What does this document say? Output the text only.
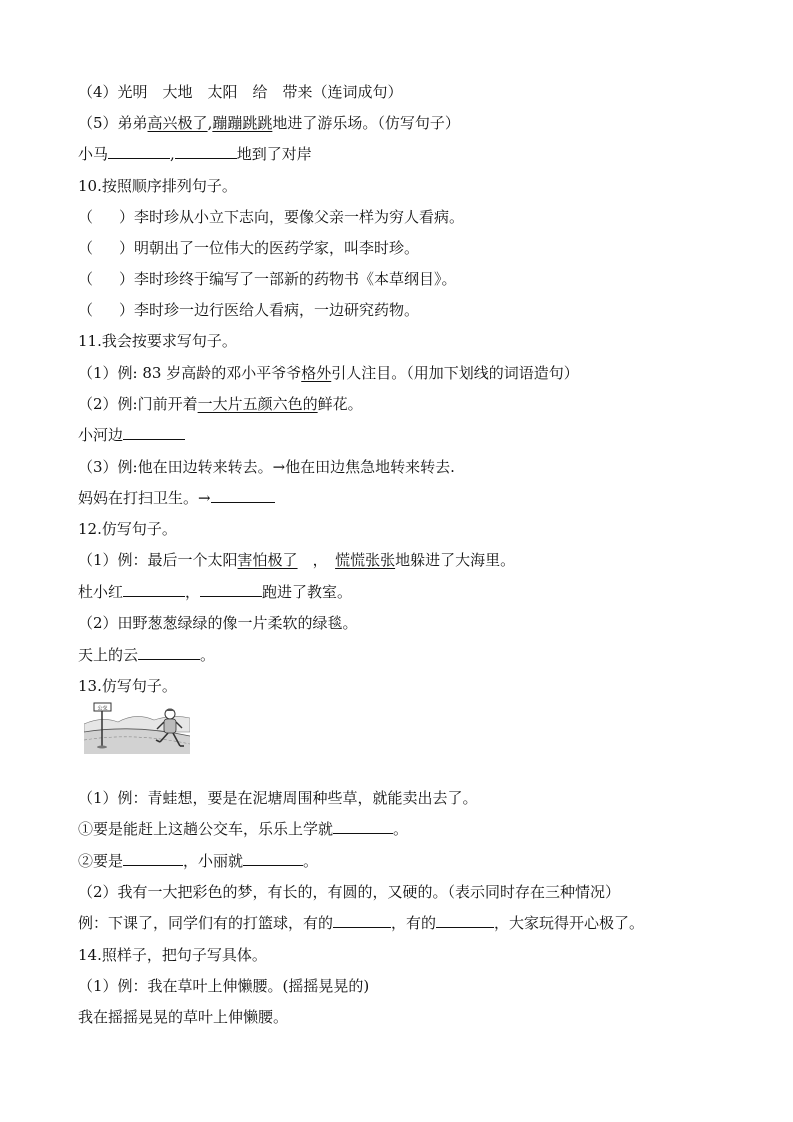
（4）光明　大地　太阳　给　带来（连词成句）
（5）弟弟高兴极了,蹦蹦跳跳地进了游乐场。（仿写句子）
小马	,	地到了对岸
10.按照顺序排列句子。
（ ）李时珍从小立下志向，要像父亲一样为穷人看病。
（ ）明朝出了一位伟大的医药学家，叫李时珍。
（ ）李时珍终于编写了一部新的药物书《本草纲目》。
（ ）李时珍一边行医给人看病，一边研究药物。
11.我会按要求写句子。
（1）例: 83 岁高龄的邓小平爷爷格外引人注目。（用加下划线的词语造句）
（2）例:门前开着一大片五颜六色的鲜花。
小河边
（3）例:他在田边转来转去。→他在田边焦急地转来转去.
妈妈在打扫卫生。→
12.仿写句子。
（1）例：最后一个太阳害怕极了　，　慌慌张张地躲进了大海里。
杜小红	，	跑进了教室。
（2）田野葱葱绿绿的像一片柔软的绿毯。
天上的云	。
13.仿写句子。
公交
（1）例：青蛙想，要是在泥塘周围种些草，就能卖出去了。
①要是能赶上这趟公交车，乐乐上学就	。
②要是	，小丽就	。
（2）我有一大把彩色的梦，有长的，有圆的，又硬的。（表示同时存在三种情况）
例：下课了，同学们有的打篮球，有的	，有的	，大家玩得开心极了。
14.照样子，把句子写具体。
（1）例：我在草叶上伸懒腰。(摇摇晃晃的)
我在摇摇晃晃的草叶上伸懒腰。
